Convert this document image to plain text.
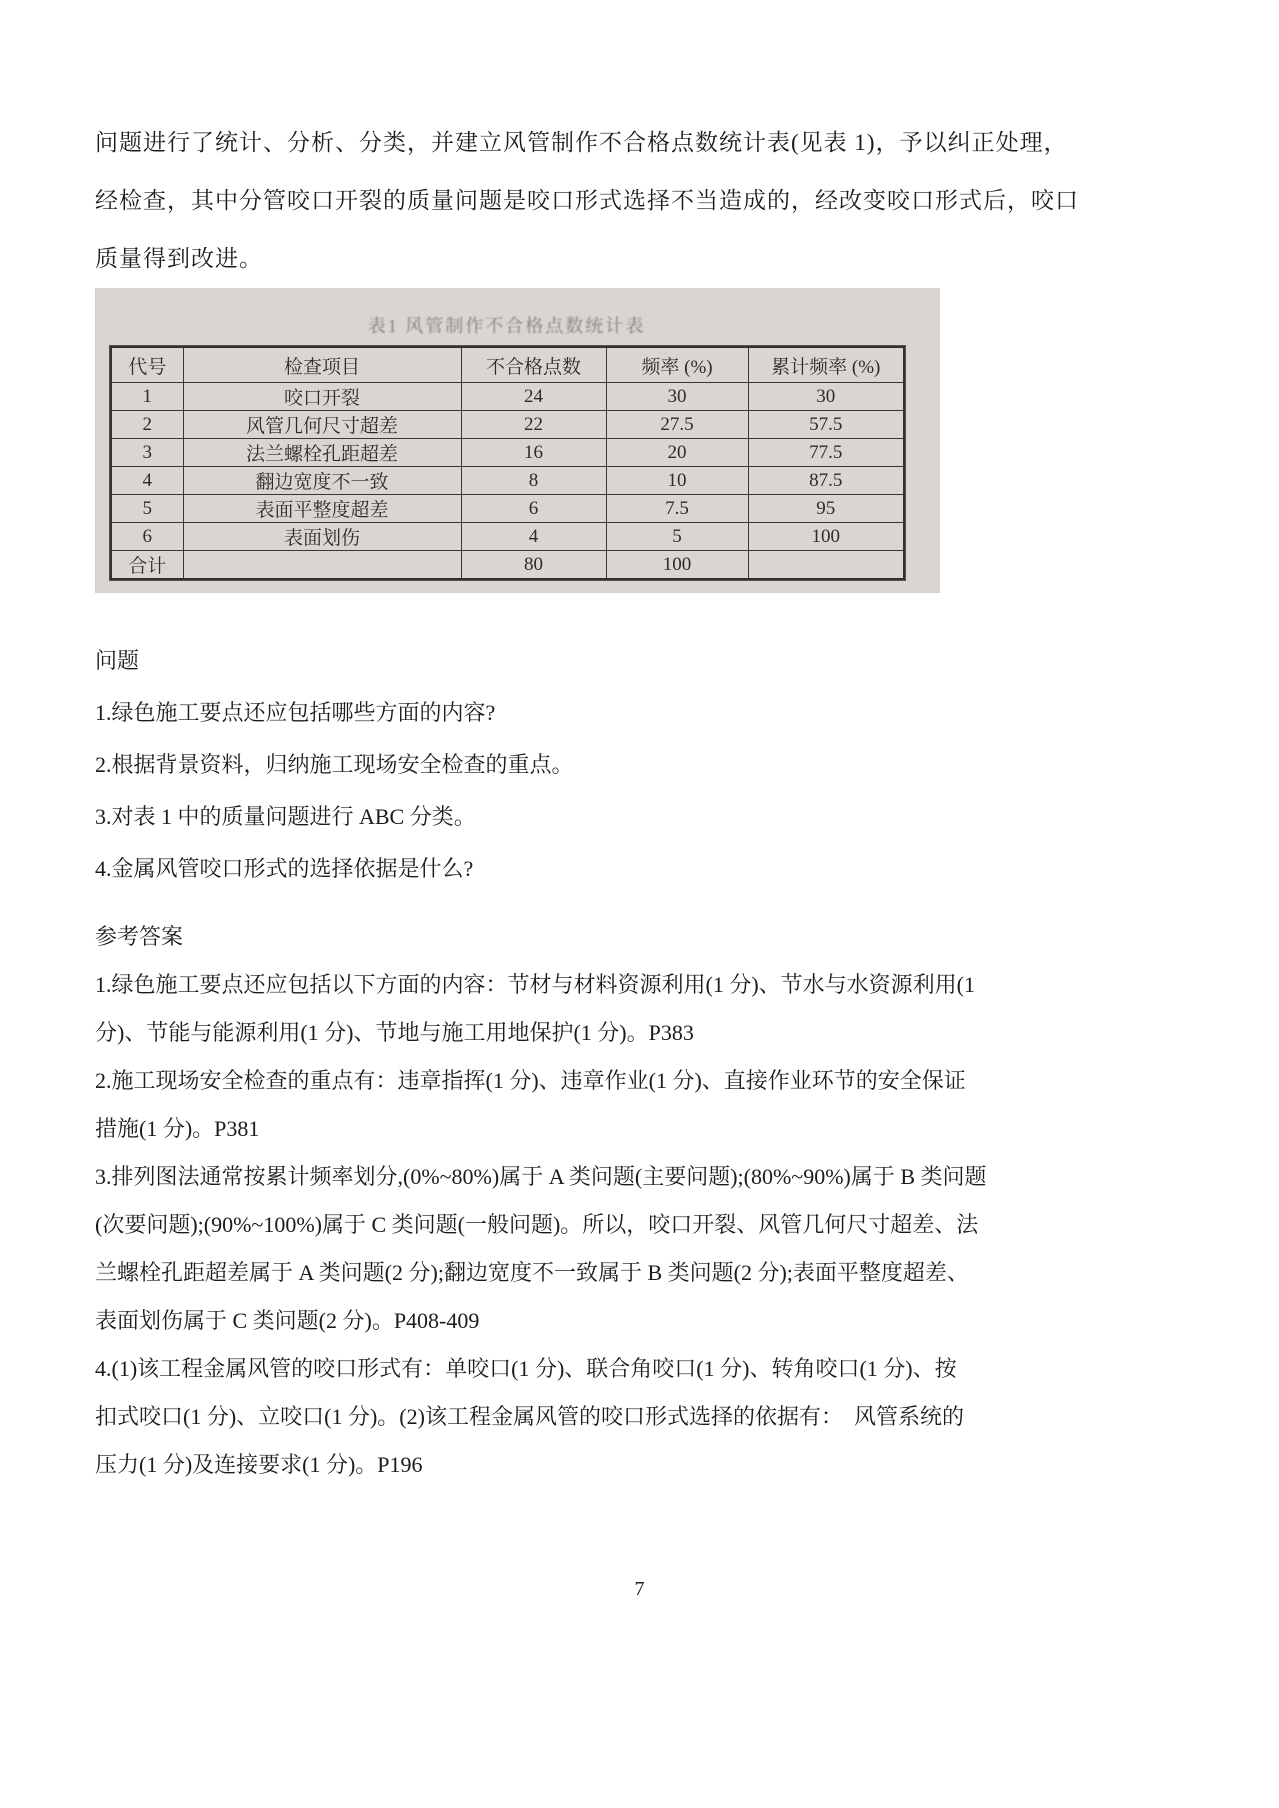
问题进行了统计、分析、分类，并建立风管制作不合格点数统计表(见表 1)，予以纠正处理，
经检查，其中分管咬口开裂的质量问题是咬口形式选择不当造成的，经改变咬口形式后，咬口
质量得到改进。
表1 风管制作不合格点数统计表
代号	检查项目	不合格点数	频率 (%)	累计频率 (%)
1	咬口开裂	24	30	30
2	风管几何尺寸超差	22	27.5	57.5
3	法兰螺栓孔距超差	16	20	77.5
4	翻边宽度不一致	8	10	87.5
5	表面平整度超差	6	7.5	95
6	表面划伤	4	5	100
合计		80	100	
问题
1.绿色施工要点还应包括哪些方面的内容?
2.根据背景资料，归纳施工现场安全检查的重点。
3.对表 1 中的质量问题进行 ABC 分类。
4.金属风管咬口形式的选择依据是什么?
参考答案
1.绿色施工要点还应包括以下方面的内容：节材与材料资源利用(1 分)、节水与水资源利用(1
分)、节能与能源利用(1 分)、节地与施工用地保护(1 分)。P383
2.施工现场安全检查的重点有：违章指挥(1 分)、违章作业(1 分)、直接作业环节的安全保证
措施(1 分)。P381
3.排列图法通常按累计频率划分,(0%~80%)属于 A 类问题(主要问题);(80%~90%)属于 B 类问题
(次要问题);(90%~100%)属于 C 类问题(一般问题)。所以，咬口开裂、风管几何尺寸超差、法
兰螺栓孔距超差属于 A 类问题(2 分);翻边宽度不一致属于 B 类问题(2 分);表面平整度超差、
表面划伤属于 C 类问题(2 分)。P408-409
4.(1)该工程金属风管的咬口形式有：单咬口(1 分)、联合角咬口(1 分)、转角咬口(1 分)、按
扣式咬口(1 分)、立咬口(1 分)。(2)该工程金属风管的咬口形式选择的依据有：　风管系统的
压力(1 分)及连接要求(1 分)。P196
7
